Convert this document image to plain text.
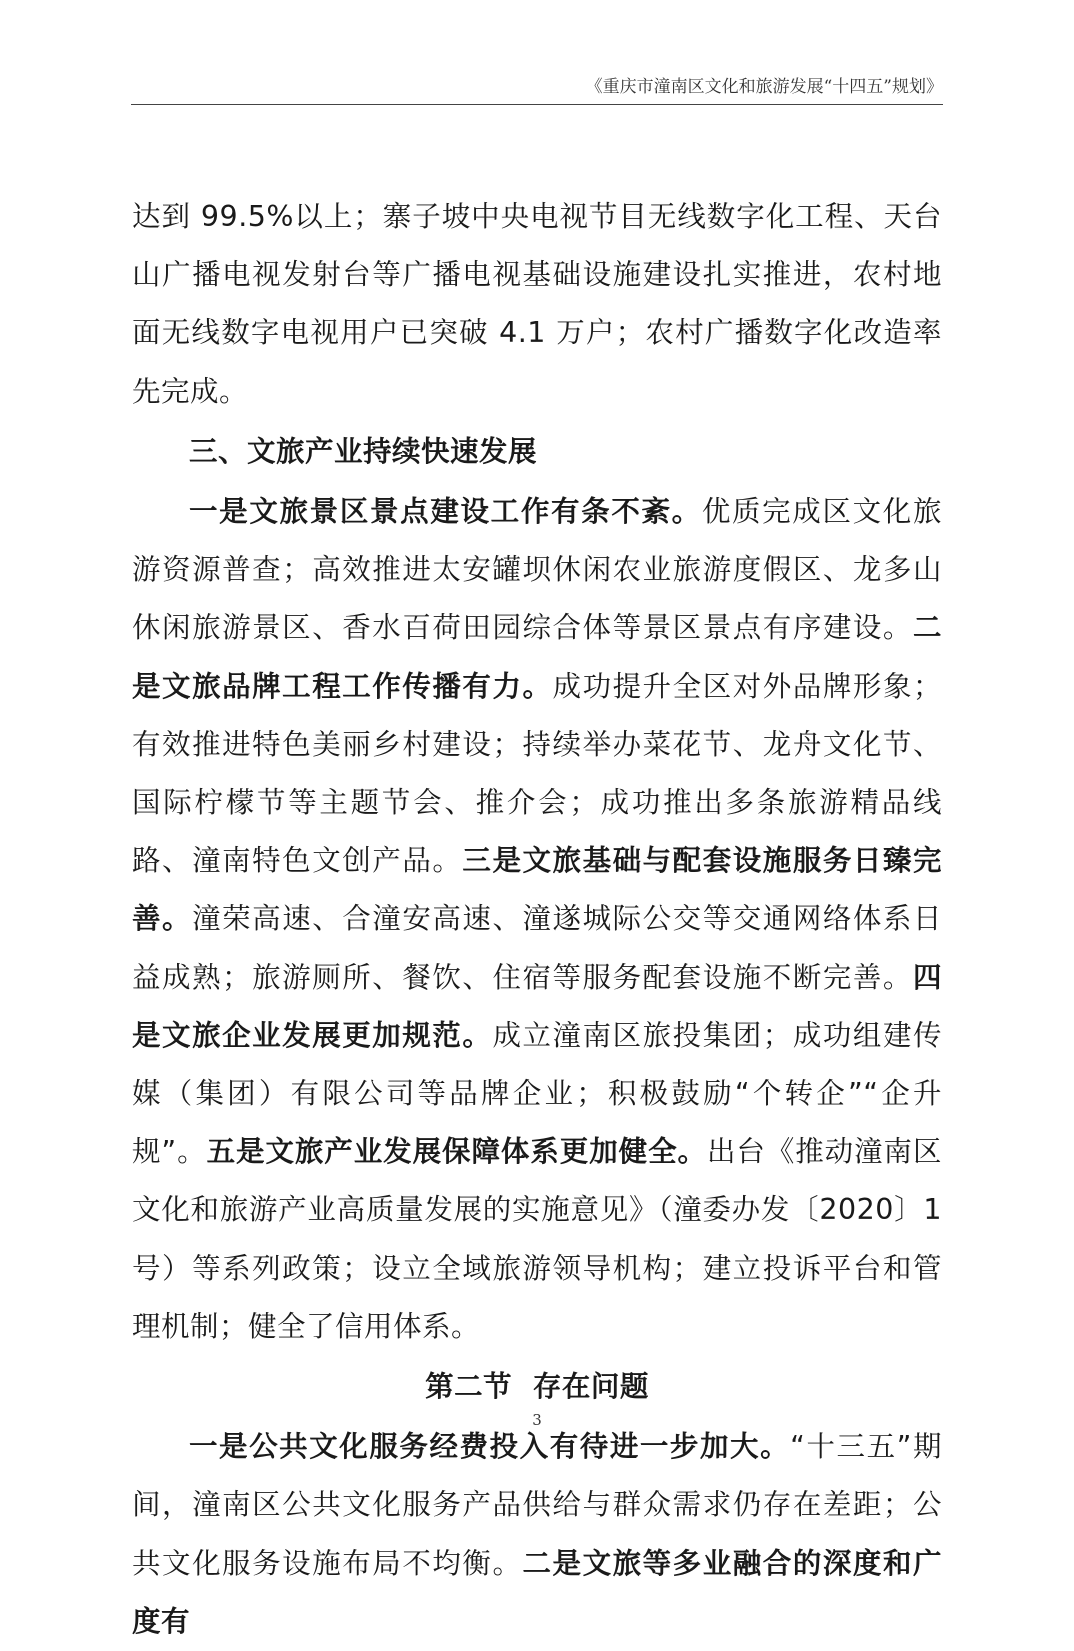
《重庆市潼南区文化和旅游发展“十四五”规划》

达到 99.5%以上；寨子坡中央电视节目无线数字化工程、天台山广播电视发射台等广播电视基础设施建设扎实推进，农村地面无线数字电视用户已突破 4.1 万户；农村广播数字化改造率先完成。

三、文旅产业持续快速发展

一是文旅景区景点建设工作有条不紊。优质完成区文化旅游资源普查；高效推进太安罐坝休闲农业旅游度假区、龙多山休闲旅游景区、香水百荷田园综合体等景区景点有序建设。二是文旅品牌工程工作传播有力。成功提升全区对外品牌形象；有效推进特色美丽乡村建设；持续举办菜花节、龙舟文化节、国际柠檬节等主题节会、推介会；成功推出多条旅游精品线路、潼南特色文创产品。三是文旅基础与配套设施服务日臻完善。潼荣高速、合潼安高速、潼遂城际公交等交通网络体系日益成熟；旅游厕所、餐饮、住宿等服务配套设施不断完善。四是文旅企业发展更加规范。成立潼南区旅投集团；成功组建传媒（集团）有限公司等品牌企业；积极鼓励“个转企”“企升规”。五是文旅产业发展保障体系更加健全。出台《推动潼南区文化和旅游产业高质量发展的实施意见》（潼委办发〔2020〕1 号）等系列政策；设立全域旅游领导机构；建立投诉平台和管理机制；健全了信用体系。

第二节  存在问题

一是公共文化服务经费投入有待进一步加大。“十三五”期间，潼南区公共文化服务产品供给与群众需求仍存在差距；公共文化服务设施布局不均衡。二是文旅等多业融合的深度和广度有

3
